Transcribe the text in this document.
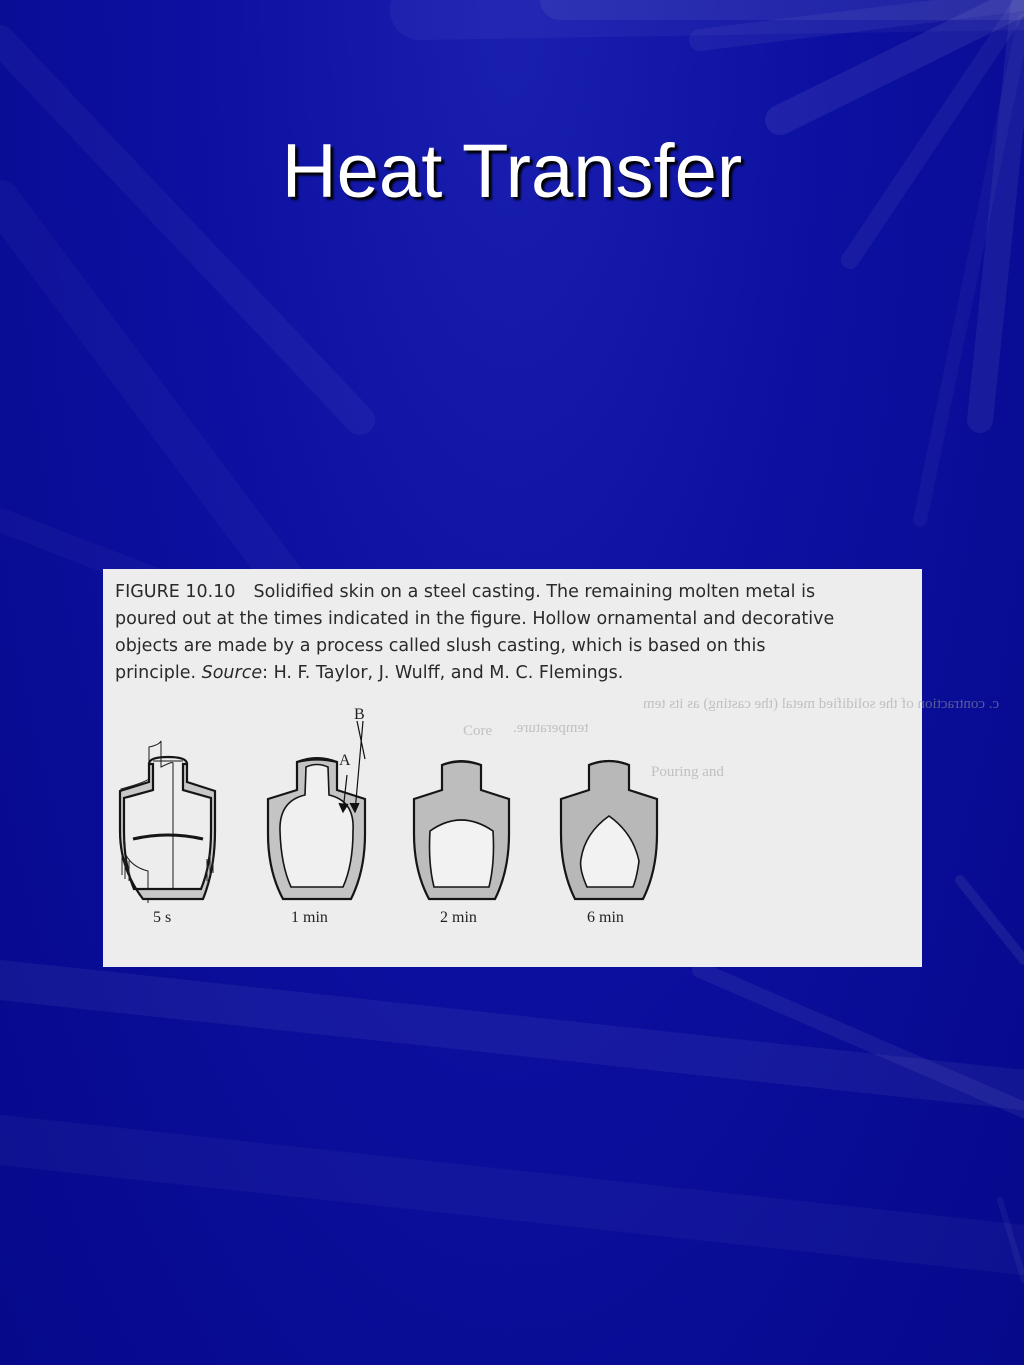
Heat Transfer
c. contraction of the solidified metal (the casting) as its tem
temperature.
Core
Pouring and

FIGURE 10.10 Solidified skin on a steel casting. The remaining molten metal is
poured out at the times indicated in the figure. Hollow ornamental and decorative
objects are made by a process called slush casting, which is based on this
principle. Source: H. F. Taylor, J. Wulff, and M. C. Flemings.

B
A
5 s	1 min	2 min	6 min
